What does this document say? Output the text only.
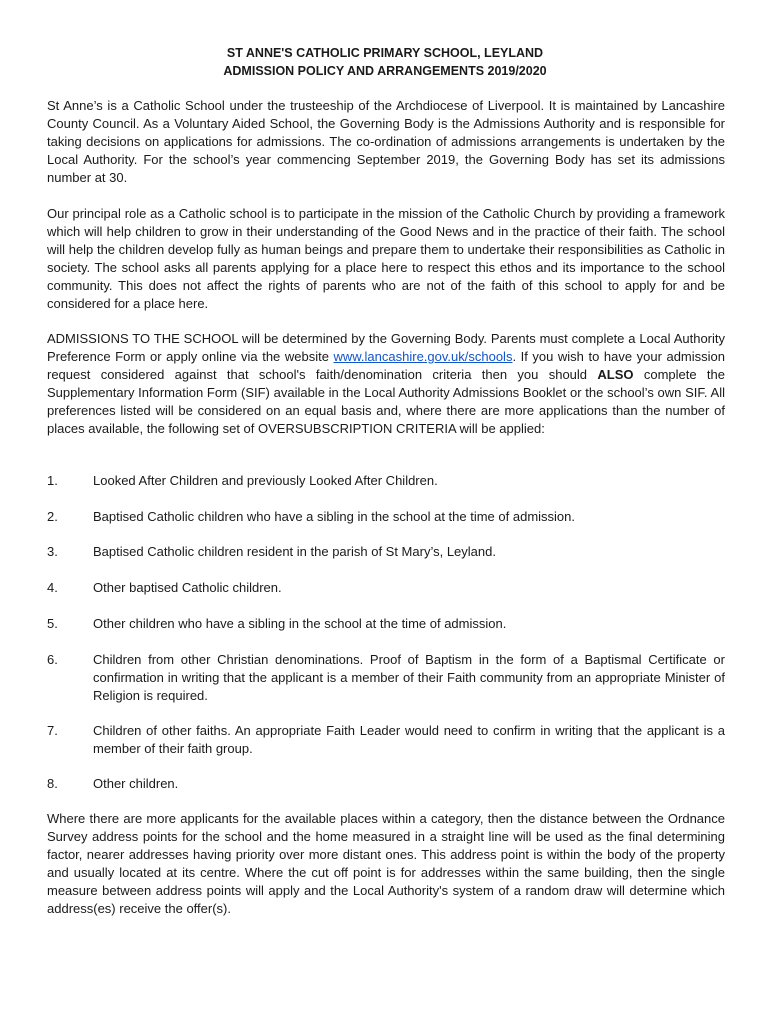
ST ANNE'S CATHOLIC PRIMARY SCHOOL, LEYLAND
ADMISSION POLICY AND ARRANGEMENTS 2019/2020

St Anne’s is a Catholic School under the trusteeship of the Archdiocese of Liverpool. It is maintained by Lancashire County Council. As a Voluntary Aided School, the Governing Body is the Admissions Authority and is responsible for taking decisions on applications for admissions. The co-ordination of admissions arrangements is undertaken by the Local Authority. For the school’s year commencing September 2019, the Governing Body has set its admissions number at 30.

Our principal role as a Catholic school is to participate in the mission of the Catholic Church by providing a framework which will help children to grow in their understanding of the Good News and in the practice of their faith. The school will help the children develop fully as human beings and prepare them to undertake their responsibilities as Catholic in society. The school asks all parents applying for a place here to respect this ethos and its importance to the school community. This does not affect the rights of parents who are not of the faith of this school to apply for and be considered for a place here.

ADMISSIONS TO THE SCHOOL will be determined by the Governing Body. Parents must complete a Local Authority Preference Form or apply online via the website www.lancashire.gov.uk/schools. If you wish to have your admission request considered against that school's faith/denomination criteria then you should ALSO complete the Supplementary Information Form (SIF) available in the Local Authority Admissions Booklet or the school’s own SIF. All preferences listed will be considered on an equal basis and, where there are more applications than the number of places available, the following set of OVERSUBSCRIPTION CRITERIA will be applied:

1.	Looked After Children and previously Looked After Children.
2.	Baptised Catholic children who have a sibling in the school at the time of admission.
3.	Baptised Catholic children resident in the parish of St Mary’s, Leyland.
4.	Other baptised Catholic children.
5.	Other children who have a sibling in the school at the time of admission.
6.	Children from other Christian denominations. Proof of Baptism in the form of a Baptismal Certificate or confirmation in writing that the applicant is a member of their Faith community from an appropriate Minister of Religion is required.
7.	Children of other faiths. An appropriate Faith Leader would need to confirm in writing that the applicant is a member of their faith group.
8.	Other children.

Where there are more applicants for the available places within a category, then the distance between the Ordnance Survey address points for the school and the home measured in a straight line will be used as the final determining factor, nearer addresses having priority over more distant ones. This address point is within the body of the property and usually located at its centre. Where the cut off point is for addresses within the same building, then the single measure between address points will apply and the Local Authority's system of a random draw will determine which address(es) receive the offer(s).
